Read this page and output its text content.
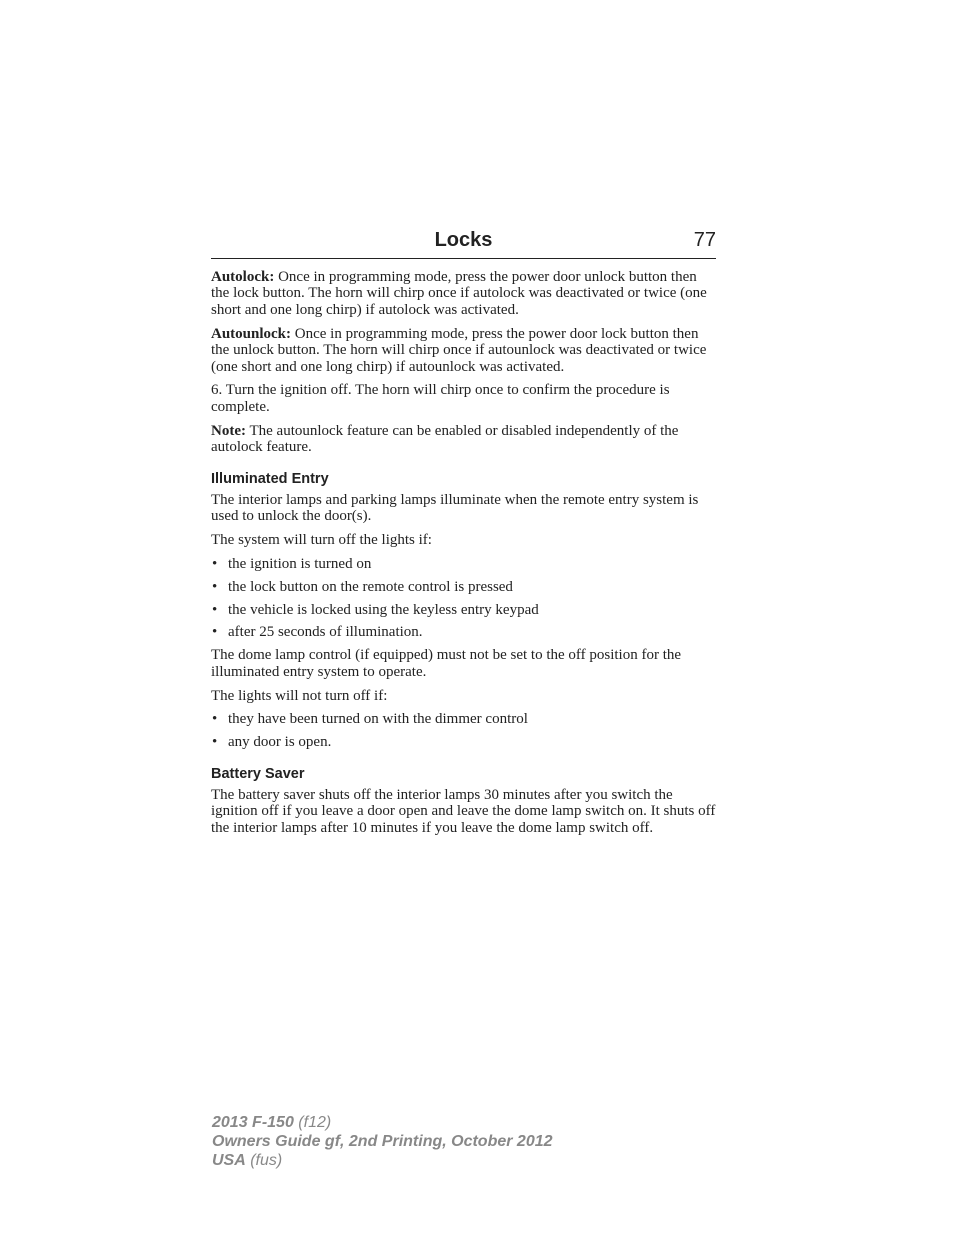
Locks	77

Autolock: Once in programming mode, press the power door unlock button then the lock button. The horn will chirp once if autolock was deactivated or twice (one short and one long chirp) if autolock was activated.

Autounlock: Once in programming mode, press the power door lock button then the unlock button. The horn will chirp once if autounlock was deactivated or twice (one short and one long chirp) if autounlock was activated.

6. Turn the ignition off. The horn will chirp once to confirm the procedure is complete.

Note: The autounlock feature can be enabled or disabled independently of the autolock feature.

Illuminated Entry

The interior lamps and parking lamps illuminate when the remote entry system is used to unlock the door(s).

The system will turn off the lights if:

• the ignition is turned on
• the lock button on the remote control is pressed
• the vehicle is locked using the keyless entry keypad
• after 25 seconds of illumination.

The dome lamp control (if equipped) must not be set to the off position for the illuminated entry system to operate.

The lights will not turn off if:

• they have been turned on with the dimmer control
• any door is open.
Battery Saver

The battery saver shuts off the interior lamps 30 minutes after you switch the ignition off if you leave a door open and leave the dome lamp switch on. It shuts off the interior lamps after 10 minutes if you leave the dome lamp switch off.

2013 F-150 (f12)
Owners Guide gf, 2nd Printing, October 2012
USA (fus)
